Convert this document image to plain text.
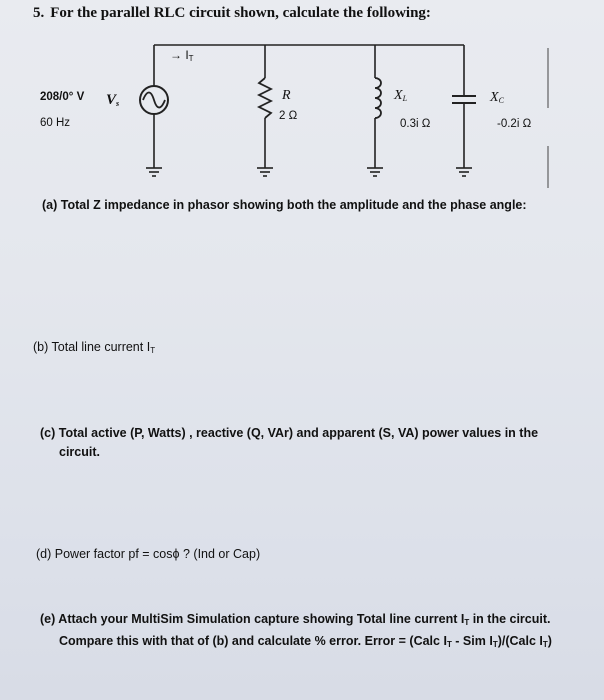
5. For the parallel RLC circuit shown, calculate the following:
→ $I_T$
208/0° V
60 Hz
$V_s$
R
2 Ω
$X_L$
0.3i Ω
$X_C$
-0.2i Ω
(a) Total Z impedance in phasor showing both the amplitude and the phase angle:
(b) Total line current $I_T$
(c) Total active (P, Watts) , reactive (Q, VAr) and apparent (S, VA) power values in the
circuit.
(d) Power factor pf = cosϕ ? (Ind or Cap)
(e) Attach your MultiSim Simulation capture showing Total line current $I_T$ in the circuit.
Compare this with that of (b) and calculate % error. Error = (Calc $I_T$ - Sim $I_T)/(Calc$ $I_T$)
